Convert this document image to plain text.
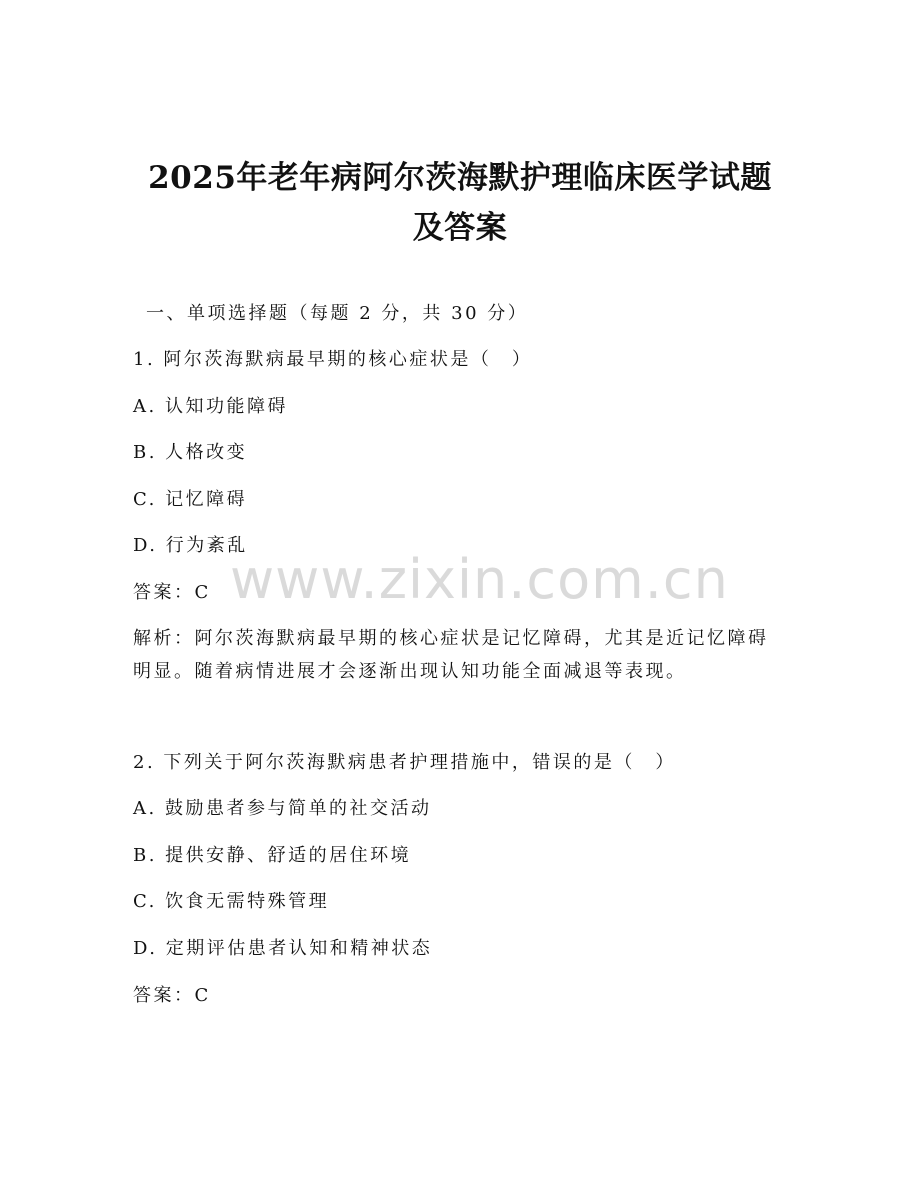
2025年老年病阿尔茨海默护理临床医学试题
及答案
一、单项选择题（每题 2 分，共 30 分）
1. 阿尔茨海默病最早期的核心症状是（　）
A. 认知功能障碍
B. 人格改变
C. 记忆障碍
D. 行为紊乱
答案：C
解析：阿尔茨海默病最早期的核心症状是记忆障碍，尤其是近记忆障碍明显。随着病情进展才会逐渐出现认知功能全面减退等表现。
2. 下列关于阿尔茨海默病患者护理措施中，错误的是（　）
A. 鼓励患者参与简单的社交活动
B. 提供安静、舒适的居住环境
C. 饮食无需特殊管理
D. 定期评估患者认知和精神状态
答案：C
www.zixin.com.cn
